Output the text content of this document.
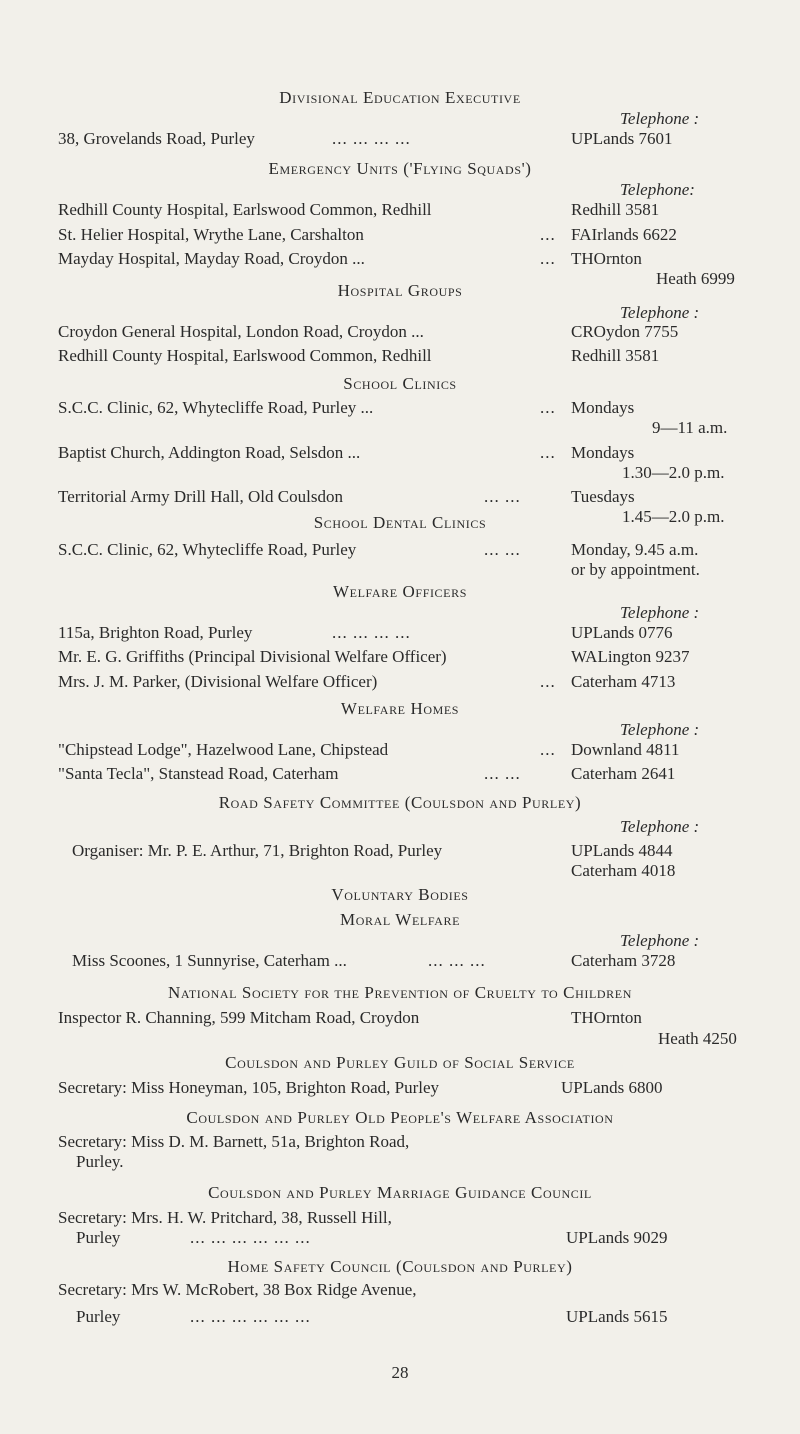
Divisional Education Executive
Telephone :
38, Grovelands Road, Purley	... ... ... ...	UPLands 7601
Emergency Units ('Flying Squads')
Telephone:
Redhill County Hospital, Earlswood Common, Redhill	Redhill 3581
St. Helier Hospital, Wrythe Lane, Carshalton	... FAIrlands 6622
Mayday Hospital, Mayday Road, Croydon ...	... THOrnton
Heath 6999
Hospital Groups
Telephone :
Croydon General Hospital, London Road, Croydon ...	CROydon 7755
Redhill County Hospital, Earlswood Common, Redhill	Redhill 3581
School Clinics
S.C.C. Clinic, 62, Whytecliffe Road, Purley ...	... Mondays
9—11 a.m.
Baptist Church, Addington Road, Selsdon ...	... Mondays
1.30—2.0 p.m.
Territorial Army Drill Hall, Old Coulsdon	... ...	Tuesdays
1.45—2.0 p.m.
School Dental Clinics
S.C.C. Clinic, 62, Whytecliffe Road, Purley	... ...	Monday, 9.45 a.m.
or by appointment.
Welfare Officers
Telephone :
115a, Brighton Road, Purley	... ... ... ...	UPLands 0776
Mr. E. G. Griffiths (Principal Divisional Welfare Officer)	WALington 9237
Mrs. J. M. Parker, (Divisional Welfare Officer)	... Caterham 4713
Welfare Homes
Telephone :
"Chipstead Lodge", Hazelwood Lane, Chipstead	... Downland 4811
"Santa Tecla", Stanstead Road, Caterham	... ...	Caterham 2641
Road Safety Committee (Coulsdon and Purley)
Telephone :
Organiser: Mr. P. E. Arthur, 71, Brighton Road, Purley	UPLands 4844
Caterham 4018
Voluntary Bodies
Moral Welfare
Telephone :
Miss Scoones, 1 Sunnyrise, Caterham ...	... ... ...	Caterham 3728
National Society for the Prevention of Cruelty to Children
Inspector R. Channing, 599 Mitcham Road, Croydon	THOrnton
Heath 4250
Coulsdon and Purley Guild of Social Service
Secretary: Miss Honeyman, 105, Brighton Road, Purley	UPLands 6800
Coulsdon and Purley Old People's Welfare Association
Secretary: Miss D. M. Barnett, 51a, Brighton Road,
Purley.
Coulsdon and Purley Marriage Guidance Council
Secretary: Mrs. H. W. Pritchard, 38, Russell Hill,
Purley	... ... ... ... ... ...	UPLands 9029
Home Safety Council (Coulsdon and Purley)
Secretary: Mrs W. McRobert, 38 Box Ridge Avenue,
Purley	... ... ... ... ... ...	UPLands 5615
28
